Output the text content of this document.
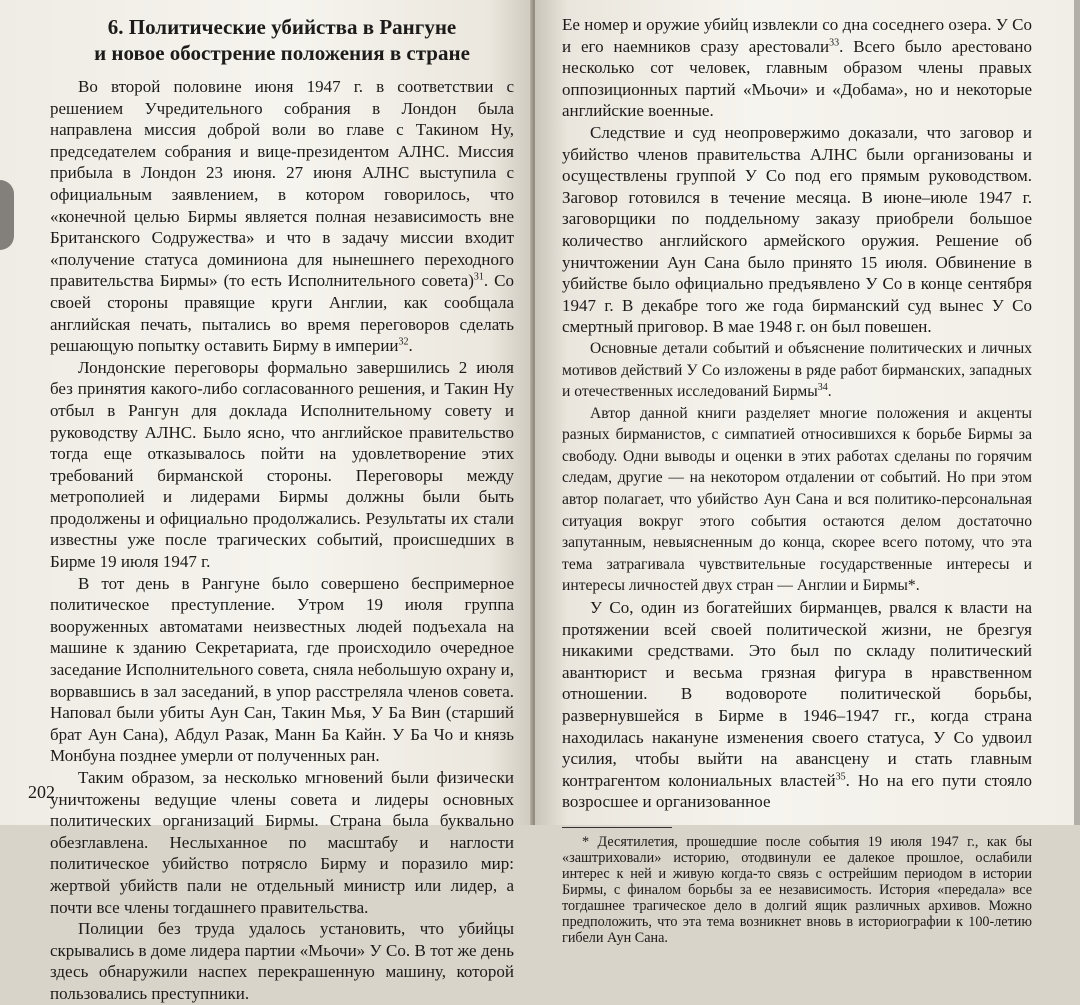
6. Политические убийства в Рангуне
и новое обострение положения в стране

Во второй половине июня 1947 г. в соответствии с решением Учредительного собрания в Лондон была направлена миссия доброй воли во главе с Такином Ну, председателем собрания и вице-президентом АЛНС. Миссия прибыла в Лондон 23 июня. 27 июня АЛНС выступила с официальным заявлением, в котором говорилось, что «конечной целью Бирмы является полная независимость вне Британского Содружества» и что в задачу миссии входит «получение статуса доминиона для нынешнего переходного правительства Бирмы» (то есть Исполнительного совета)$^{31}$. Со своей стороны правящие круги Англии, как сообщала английская печать, пытались во время переговоров сделать решающую попытку оставить Бирму в империи$^{32}$.

Лондонские переговоры формально завершились 2 июля без принятия какого-либо согласованного решения, и Такин Ну отбыл в Рангун для доклада Исполнительному совету и руководству АЛНС. Было ясно, что английское правительство тогда еще отказывалось пойти на удовлетворение этих требований бирманской стороны. Переговоры между метрополией и лидерами Бирмы должны были быть продолжены и официально продолжались. Результаты их стали известны уже после трагических событий, происшедших в Бирме 19 июля 1947 г.

В тот день в Рангуне было совершено беспримерное политическое преступление. Утром 19 июля группа вооруженных автоматами неизвестных людей подъехала на машине к зданию Секретариата, где происходило очередное заседание Исполнительного совета, сняла небольшую охрану и, ворвавшись в зал заседаний, в упор расстреляла членов совета. Наповал были убиты Аун Сан, Такин Мья, У Ба Вин (старший брат Аун Сана), Абдул Разак, Манн Ба Кайн. У Ба Чо и князь Монбуна позднее умерли от полученных ран.

Таким образом, за несколько мгновений были физически уничтожены ведущие члены совета и лидеры основных политических организаций Бирмы. Страна была буквально обезглавлена. Неслыханное по масштабу и наглости политическое убийство потрясло Бирму и поразило мир: жертвой убийств пали не отдельный министр или лидер, а почти все члены тогдашнего правительства.

Полиции без труда удалось установить, что убийцы скрывались в доме лидера партии «Мьочи» У Со. В тот же день здесь обнаружили наспех перекрашенную машину, которой пользовались преступники.

202

Ее номер и оружие убийц извлекли со дна соседнего озера. У Со и его наемников сразу арестовали$^{33}$. Всего было арестовано несколько сот человек, главным образом члены правых оппозиционных партий «Мьочи» и «Добама», но и некоторые английские военные.

Следствие и суд неопровержимо доказали, что заговор и убийство членов правительства АЛНС были организованы и осуществлены группой У Со под его прямым руководством. Заговор готовился в течение месяца. В июне–июле 1947 г. заговорщики по поддельному заказу приобрели большое количество английского армейского оружия. Решение об уничтожении Аун Сана было принято 15 июля. Обвинение в убийстве было официально предъявлено У Со в конце сентября 1947 г. В декабре того же года бирманский суд вынес У Со смертный приговор. В мае 1948 г. он был повешен.

Основные детали событий и объяснение политических и личных мотивов действий У Со изложены в ряде работ бирманских, западных и отечественных исследований Бирмы$^{34}$.

Автор данной книги разделяет многие положения и акценты разных бирманистов, с симпатией относившихся к борьбе Бирмы за свободу. Одни выводы и оценки в этих работах сделаны по горячим следам, другие — на некотором отдалении от событий. Но при этом автор полагает, что убийство Аун Сана и вся политико-персональная ситуация вокруг этого события остаются делом достаточно запутанным, невыясненным до конца, скорее всего потому, что эта тема затрагивала чувствительные государственные интересы и интересы личностей двух стран — Англии и Бирмы*.

У Со, один из богатейших бирманцев, рвался к власти на протяжении всей своей политической жизни, не брезгуя никакими средствами. Это был по складу политический авантюрист и весьма грязная фигура в нравственном отношении. В водовороте политической борьбы, развернувшейся в Бирме в 1946–1947 гг., когда страна находилась накануне изменения своего статуса, У Со удвоил усилия, чтобы выйти на авансцену и стать главным контрагентом колониальных властей$^{35}$. Но на его пути стояло возросшее и организованное

* Десятилетия, прошедшие после события 19 июля 1947 г., как бы «заштриховали» историю, отодвинули ее далекое прошлое, ослабили интерес к ней и живую когда-то связь с острейшим периодом в истории Бирмы, с финалом борьбы за ее независимость. История «передала» все тогдашнее трагическое дело в долгий ящик различных архивов. Можно предположить, что эта тема возникнет вновь в историографии к 100-летию гибели Аун Сана.
